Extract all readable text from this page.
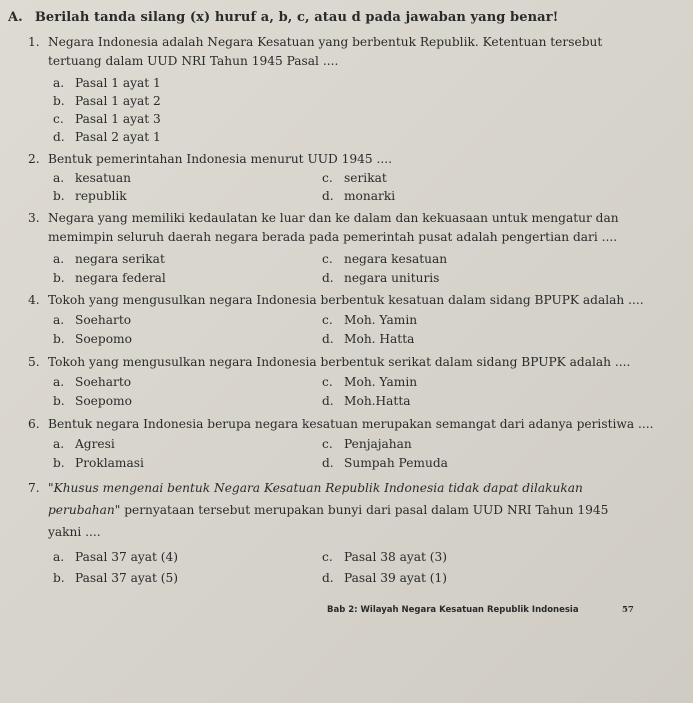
A. Berilah tanda silang (x) huruf a, b, c, atau d pada jawaban yang benar!
1. Negara Indonesia adalah Negara Kesatuan yang berbentuk Republik. Ketentuan tersebut
tertuang dalam UUD NRI Tahun 1945 Pasal ....
a. Pasal 1 ayat 1
b. Pasal 1 ayat 2
c. Pasal 1 ayat 3
d. Pasal 2 ayat 1
2. Bentuk pemerintahan Indonesia menurut UUD 1945 ....
a. kesatuan	c. serikat
b. republik	d. monarki
3. Negara yang memiliki kedaulatan ke luar dan ke dalam dan kekuasaan untuk mengatur dan
memimpin seluruh daerah negara berada pada pemerintah pusat adalah pengertian dari ....
a. negara serikat	c. negara kesatuan
b. negara federal	d. negara unituris
4. Tokoh yang mengusulkan negara Indonesia berbentuk kesatuan dalam sidang BPUPK adalah ....
a. Soeharto	c. Moh. Yamin
b. Soepomo	d. Moh. Hatta
5. Tokoh yang mengusulkan negara Indonesia berbentuk serikat dalam sidang BPUPK adalah ....
a. Soeharto	c. Moh. Yamin
b. Soepomo	d. Moh.Hatta
6. Bentuk negara Indonesia berupa negara kesatuan merupakan semangat dari adanya peristiwa ....
a. Agresi	c. Penjajahan
b. Proklamasi	d. Sumpah Pemuda
7. "Khusus mengenai bentuk Negara Kesatuan Republik Indonesia tidak dapat dilakukan
perubahan" pernyataan tersebut merupakan bunyi dari pasal dalam UUD NRI Tahun 1945
yakni ....
a. Pasal 37 ayat (4)	c. Pasal 38 ayat (3)
b. Pasal 37 ayat (5)	d. Pasal 39 ayat (1)
Bab 2: Wilayah Negara Kesatuan Republik Indonesia	57
